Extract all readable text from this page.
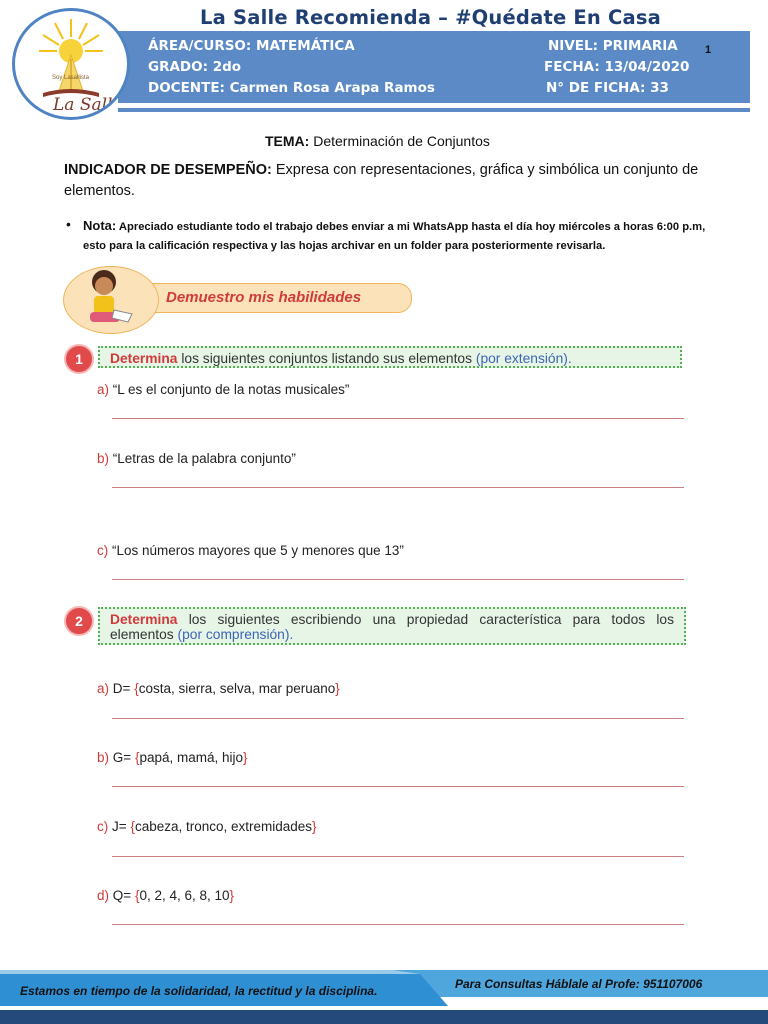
La Salle Recomienda – #Quédate En Casa
ÁREA/CURSO: MATEMÁTICA
GRADO: 2do
DOCENTE: Carmen Rosa Arapa Ramos
NIVEL: PRIMARIA
FECHA: 13/04/2020
N° DE FICHA: 33
1
Soy Lasallista
La Salle
TEMA: Determinación de Conjuntos
INDICADOR DE DESEMPEÑO: Expresa con representaciones, gráfica y simbólica un conjunto de elementos.
• Nota: Apreciado estudiante todo el trabajo debes enviar a mi WhatsApp hasta el día hoy miércoles a horas 6:00 p.m, esto para la calificación respectiva y las hojas archivar en un folder para posteriormente revisarla.
Demuestro mis habilidades
1	Determina los siguientes conjuntos listando sus elementos (por extensión).
a) “L es el conjunto de la notas musicales”
b) “Letras de la palabra conjunto”
c) “Los números mayores que 5 y menores que 13”
2	Determina los siguientes escribiendo una propiedad característica para todos los elementos (por comprensión).
a) D= {costa, sierra, selva, mar peruano}
b) G= {papá, mamá, hijo}
c) J= {cabeza, tronco, extremidades}
d) Q= {0, 2, 4, 6, 8, 10}
Para Consultas Háblale al Profe: 951107006
Estamos en tiempo de la solidaridad, la rectitud y la disciplina.
